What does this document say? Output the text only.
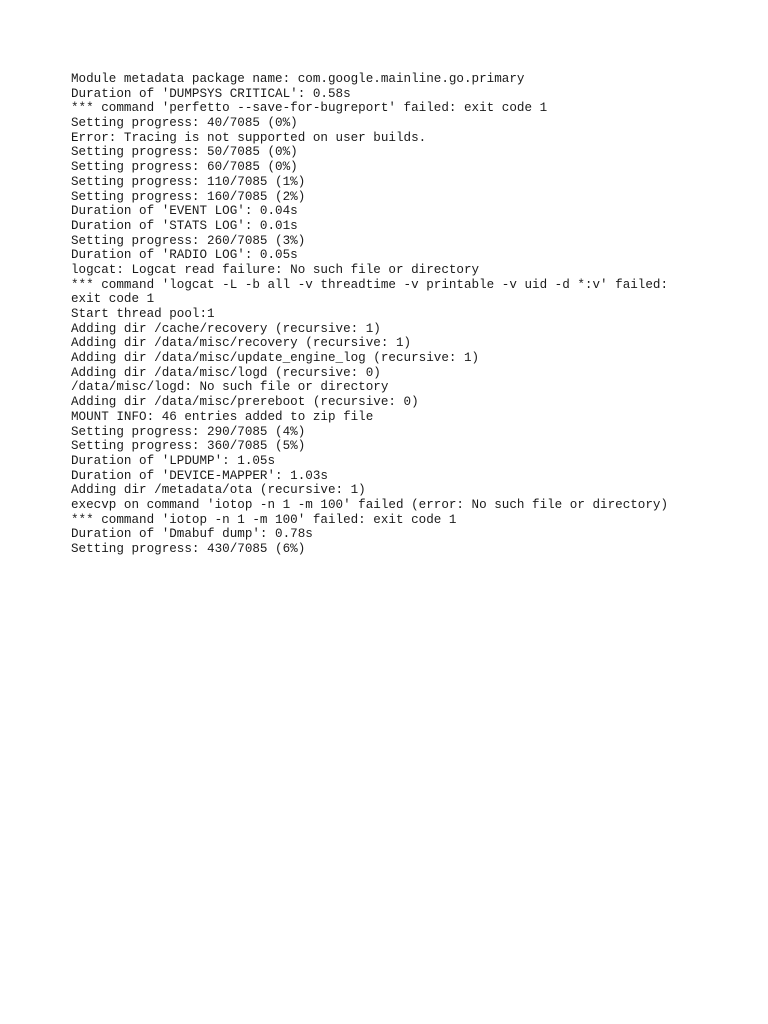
Module metadata package name: com.google.mainline.go.primary
Duration of 'DUMPSYS CRITICAL': 0.58s
*** command 'perfetto --save-for-bugreport' failed: exit code 1
Setting progress: 40/7085 (0%)
Error: Tracing is not supported on user builds.
Setting progress: 50/7085 (0%)
Setting progress: 60/7085 (0%)
Setting progress: 110/7085 (1%)
Setting progress: 160/7085 (2%)
Duration of 'EVENT LOG': 0.04s
Duration of 'STATS LOG': 0.01s
Setting progress: 260/7085 (3%)
Duration of 'RADIO LOG': 0.05s
logcat: Logcat read failure: No such file or directory
*** command 'logcat -L -b all -v threadtime -v printable -v uid -d *:v' failed:
exit code 1
Start thread pool:1
Adding dir /cache/recovery (recursive: 1)
Adding dir /data/misc/recovery (recursive: 1)
Adding dir /data/misc/update_engine_log (recursive: 1)
Adding dir /data/misc/logd (recursive: 0)
/data/misc/logd: No such file or directory
Adding dir /data/misc/prereboot (recursive: 0)
MOUNT INFO: 46 entries added to zip file
Setting progress: 290/7085 (4%)
Setting progress: 360/7085 (5%)
Duration of 'LPDUMP': 1.05s
Duration of 'DEVICE-MAPPER': 1.03s
Adding dir /metadata/ota (recursive: 1)
execvp on command 'iotop -n 1 -m 100' failed (error: No such file or directory)
*** command 'iotop -n 1 -m 100' failed: exit code 1
Duration of 'Dmabuf dump': 0.78s
Setting progress: 430/7085 (6%)
